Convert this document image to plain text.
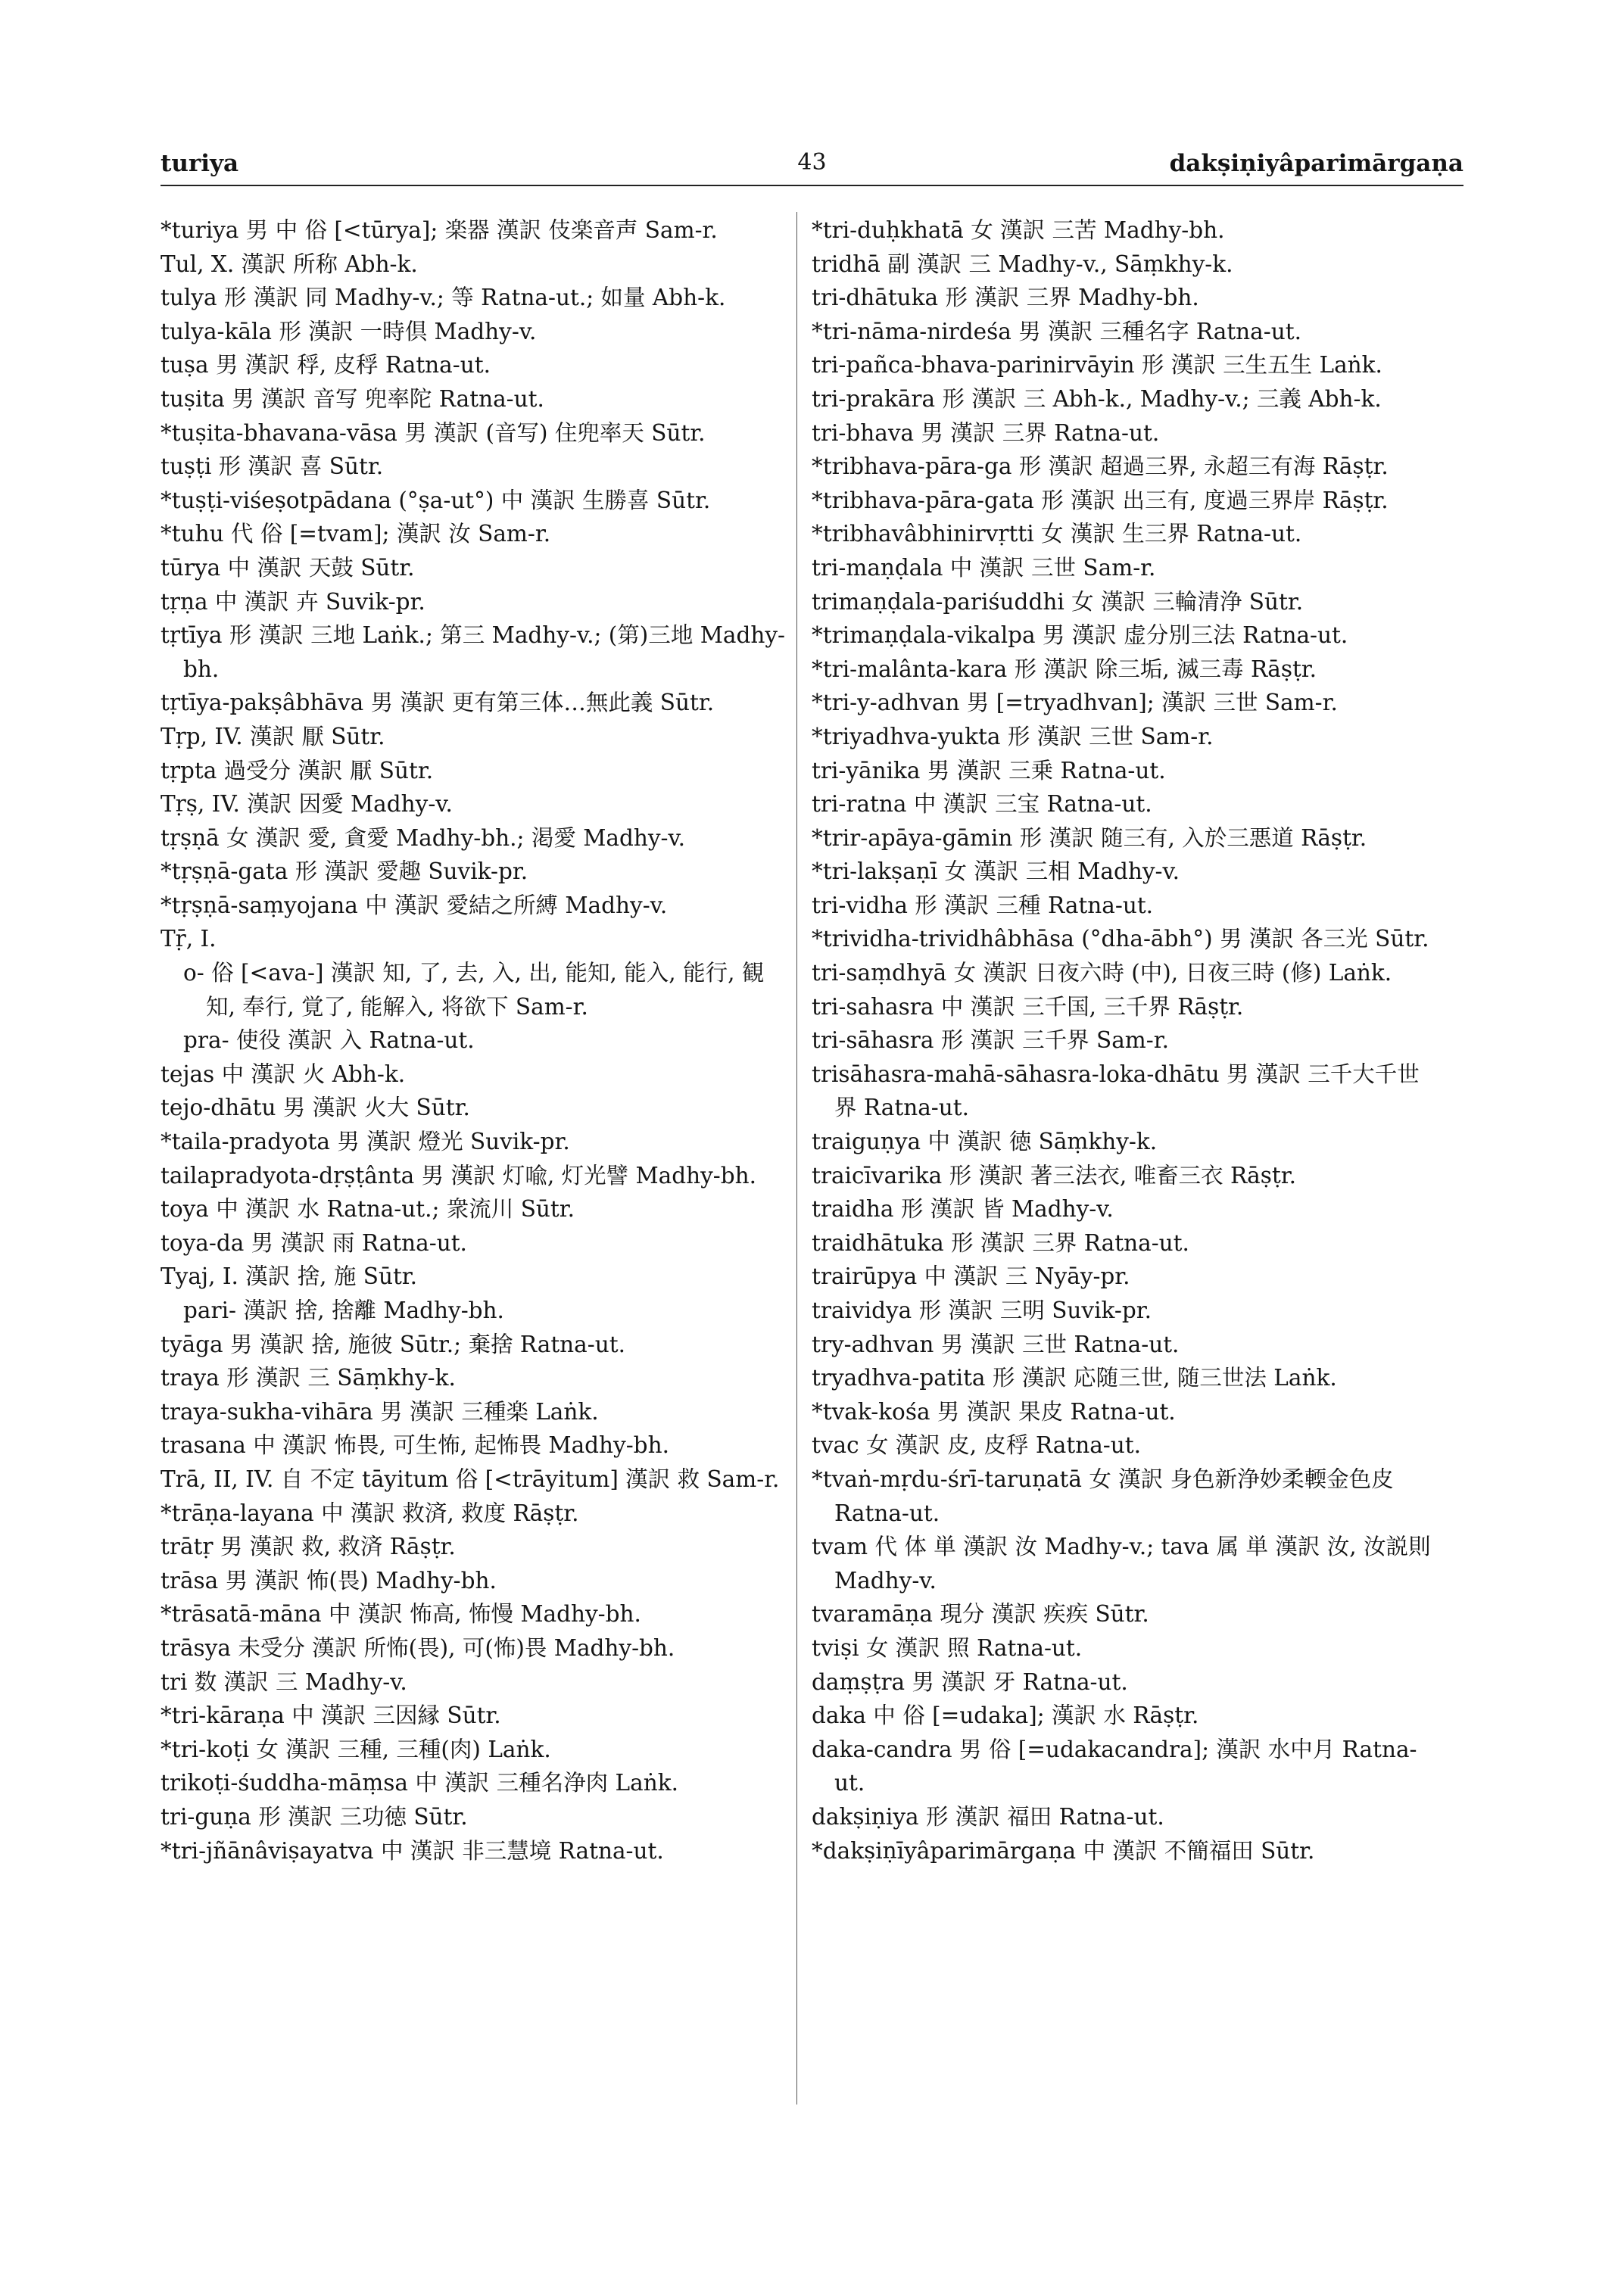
turiya	43	dakṣiṇiyâparimārgaṇa
*turiya 男 中 俗 [<tūrya]; 楽器 漢訳 伎楽音声 Sam-r.
Tul, X. 漢訳 所称 Abh-k.
tulya 形 漢訳 同 Madhy-v.; 等 Ratna-ut.; 如量 Abh-k.
tulya-kāla 形 漢訳 一時倶 Madhy-v.
tuṣa 男 漢訳 稃, 皮稃 Ratna-ut.
tuṣita 男 漢訳 音写 兜率陀 Ratna-ut.
*tuṣita-bhavana-vāsa 男 漢訳 (音写) 住兜率天 Sūtr.
tuṣṭi 形 漢訳 喜 Sūtr.
*tuṣṭi-viśeṣotpādana (°ṣa-ut°) 中 漢訳 生勝喜 Sūtr.
*tuhu 代 俗 [=tvam]; 漢訳 汝 Sam-r.
tūrya 中 漢訳 天鼓 Sūtr.
tṛṇa 中 漢訳 卉 Suvik-pr.
tṛtīya 形 漢訳 三地 Laṅk.; 第三 Madhy-v.; (第)三地 Madhy-bh.
tṛtīya-pakṣâbhāva 男 漢訳 更有第三体…無此義 Sūtr.
Tṛp, IV. 漢訳 厭 Sūtr.
tṛpta 過受分 漢訳 厭 Sūtr.
Tṛṣ, IV. 漢訳 因愛 Madhy-v.
tṛṣṇā 女 漢訳 愛, 貪愛 Madhy-bh.; 渇愛 Madhy-v.
*tṛṣṇā-gata 形 漢訳 愛趣 Suvik-pr.
*tṛṣṇā-saṃyojana 中 漢訳 愛結之所縛 Madhy-v.
Tṝ, I.
o- 俗 [<ava-] 漢訳 知, 了, 去, 入, 出, 能知, 能入, 能行, 観知, 奉行, 覚了, 能解入, 将欲下 Sam-r.
pra- 使役 漢訳 入 Ratna-ut.
tejas 中 漢訳 火 Abh-k.
tejo-dhātu 男 漢訳 火大 Sūtr.
*taila-pradyota 男 漢訳 燈光 Suvik-pr.
tailapradyota-dṛṣṭânta 男 漢訳 灯喩, 灯光譬 Madhy-bh.
toya 中 漢訳 水 Ratna-ut.; 衆流川 Sūtr.
toya-da 男 漢訳 雨 Ratna-ut.
Tyaj, I. 漢訳 捨, 施 Sūtr.
pari- 漢訳 捨, 捨離 Madhy-bh.
tyāga 男 漢訳 捨, 施彼 Sūtr.; 棄捨 Ratna-ut.
traya 形 漢訳 三 Sāṃkhy-k.
traya-sukha-vihāra 男 漢訳 三種楽 Laṅk.
trasana 中 漢訳 怖畏, 可生怖, 起怖畏 Madhy-bh.
Trā, II, IV. 自 不定 tāyitum 俗 [<trāyitum] 漢訳 救 Sam-r.
*trāṇa-layana 中 漢訳 救済, 救度 Rāṣṭr.
trātṛ 男 漢訳 救, 救済 Rāṣṭr.
trāsa 男 漢訳 怖(畏) Madhy-bh.
*trāsatā-māna 中 漢訳 怖高, 怖慢 Madhy-bh.
trāsya 未受分 漢訳 所怖(畏), 可(怖)畏 Madhy-bh.
tri 数 漢訳 三 Madhy-v.
*tri-kāraṇa 中 漢訳 三因縁 Sūtr.
*tri-koṭi 女 漢訳 三種, 三種(肉) Laṅk.
trikoṭi-śuddha-māṃsa 中 漢訳 三種名浄肉 Laṅk.
tri-guṇa 形 漢訳 三功徳 Sūtr.
*tri-jñānâviṣayatva 中 漢訳 非三慧境 Ratna-ut.
*tri-duḥkhatā 女 漢訳 三苦 Madhy-bh.
tridhā 副 漢訳 三 Madhy-v., Sāṃkhy-k.
tri-dhātuka 形 漢訳 三界 Madhy-bh.
*tri-nāma-nirdeśa 男 漢訳 三種名字 Ratna-ut.
tri-pañca-bhava-parinirvāyin 形 漢訳 三生五生 Laṅk.
tri-prakāra 形 漢訳 三 Abh-k., Madhy-v.; 三義 Abh-k.
tri-bhava 男 漢訳 三界 Ratna-ut.
*tribhava-pāra-ga 形 漢訳 超過三界, 永超三有海 Rāṣṭr.
*tribhava-pāra-gata 形 漢訳 出三有, 度過三界岸 Rāṣṭr.
*tribhavâbhinirvṛtti 女 漢訳 生三界 Ratna-ut.
tri-maṇḍala 中 漢訳 三世 Sam-r.
trimaṇḍala-pariśuddhi 女 漢訳 三輪清浄 Sūtr.
*trimaṇḍala-vikalpa 男 漢訳 虚分別三法 Ratna-ut.
*tri-malânta-kara 形 漢訳 除三垢, 滅三毒 Rāṣṭr.
*tri-y-adhvan 男 [=tryadhvan]; 漢訳 三世 Sam-r.
*triyadhva-yukta 形 漢訳 三世 Sam-r.
tri-yānika 男 漢訳 三乗 Ratna-ut.
tri-ratna 中 漢訳 三宝 Ratna-ut.
*trir-apāya-gāmin 形 漢訳 随三有, 入於三悪道 Rāṣṭr.
*tri-lakṣaṇī 女 漢訳 三相 Madhy-v.
tri-vidha 形 漢訳 三種 Ratna-ut.
*trividha-trividhâbhāsa (°dha-ābh°) 男 漢訳 各三光 Sūtr.
tri-saṃdhyā 女 漢訳 日夜六時 (中), 日夜三時 (修) Laṅk.
tri-sahasra 中 漢訳 三千国, 三千界 Rāṣṭr.
tri-sāhasra 形 漢訳 三千界 Sam-r.
trisāhasra-mahā-sāhasra-loka-dhātu 男 漢訳 三千大千世界 Ratna-ut.
traiguṇya 中 漢訳 徳 Sāṃkhy-k.
traicīvarika 形 漢訳 著三法衣, 唯畜三衣 Rāṣṭr.
traidha 形 漢訳 皆 Madhy-v.
traidhātuka 形 漢訳 三界 Ratna-ut.
trairūpya 中 漢訳 三 Nyāy-pr.
traividya 形 漢訳 三明 Suvik-pr.
try-adhvan 男 漢訳 三世 Ratna-ut.
tryadhva-patita 形 漢訳 応随三世, 随三世法 Laṅk.
*tvak-kośa 男 漢訳 果皮 Ratna-ut.
tvac 女 漢訳 皮, 皮稃 Ratna-ut.
*tvaṅ-mṛdu-śrī-taruṇatā 女 漢訳 身色新浄妙柔輭金色皮 Ratna-ut.
tvam 代 体 単 漢訳 汝 Madhy-v.; tava 属 単 漢訳 汝, 汝説則 Madhy-v.
tvaramāṇa 現分 漢訳 疾疾 Sūtr.
tviṣi 女 漢訳 照 Ratna-ut.
daṃṣṭra 男 漢訳 牙 Ratna-ut.
daka 中 俗 [=udaka]; 漢訳 水 Rāṣṭr.
daka-candra 男 俗 [=udakacandra]; 漢訳 水中月 Ratna-ut.
dakṣiṇiya 形 漢訳 福田 Ratna-ut.
*dakṣiṇīyâparimārgaṇa 中 漢訳 不簡福田 Sūtr.
